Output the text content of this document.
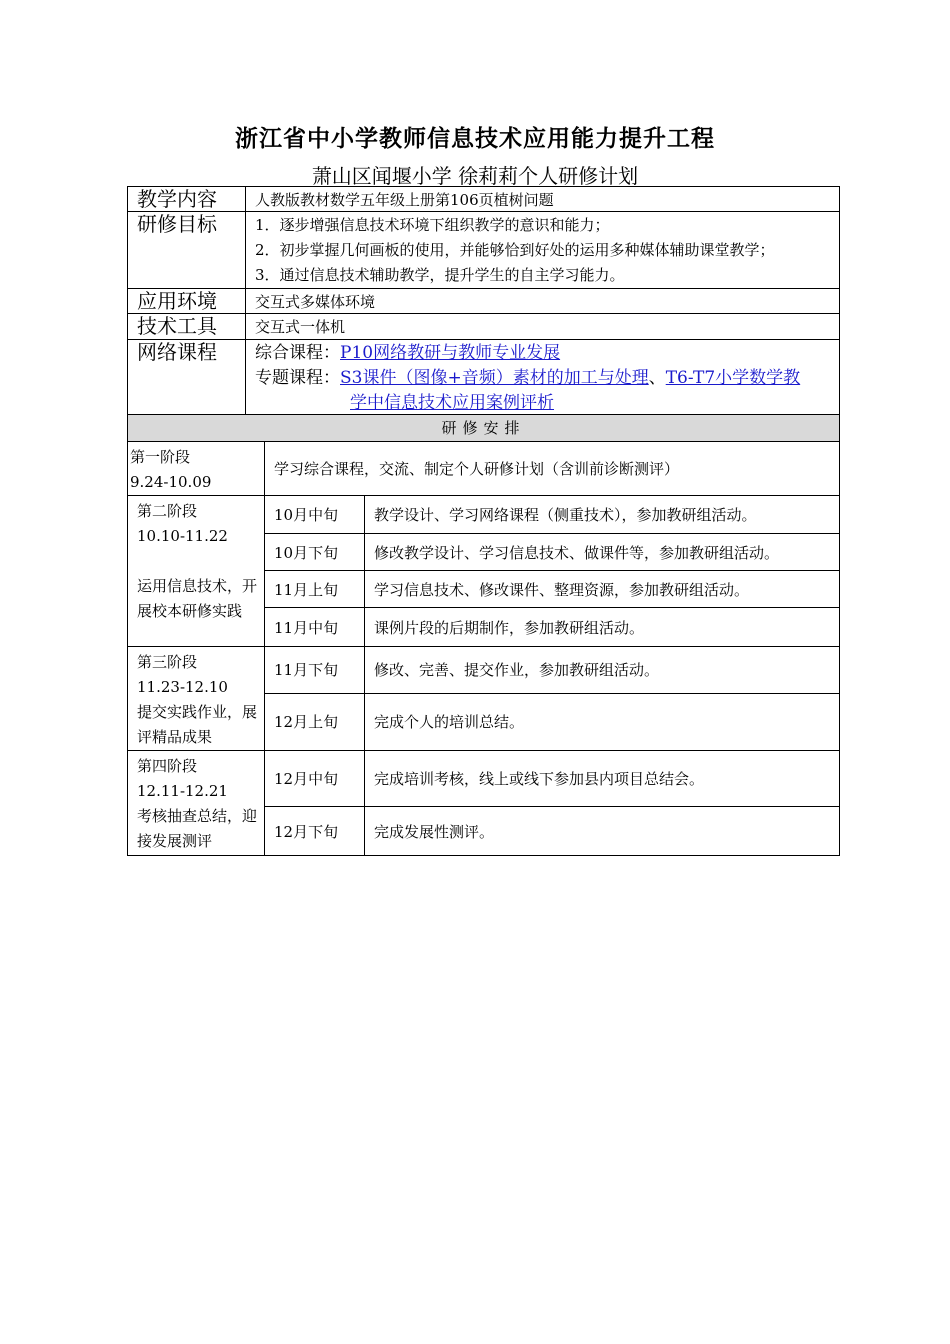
浙江省中小学教师信息技术应用能力提升工程
萧山区闻堰小学 徐莉莉个人研修计划
教学内容	人教版教材数学五年级上册第106页植树问题
研修目标	1．逐步增强信息技术环境下组织教学的意识和能力；
2．初步掌握几何画板的使用，并能够恰到好处的运用多种媒体辅助课堂教学；
3．通过信息技术辅助教学，提升学生的自主学习能力。

应用环境	交互式多媒体环境
技术工具	交互式一体机
网络课程	综合课程：P10网络教研与教师专业发展
专题课程：S3课件（图像+音频）素材的加工与处理、T6-T7小学数学教
学中信息技术应用案例评析
研修安排		

第一阶段
9.24-10.09	学习综合课程，交流、制定个人研修计划（含训前诊断测评）	

第二阶段
10.10-11.22
运用信息技术，开展校本研修实践	10月中旬	教学设计、学习网络课程（侧重技术），参加教研组活动。
	10月下旬	修改教学设计、学习信息技术、做课件等，参加教研组活动。
	11月上旬	学习信息技术、修改课件、整理资源，参加教研组活动。
	11月中旬	课例片段的后期制作，参加教研组活动。

第三阶段
11.23-12.10
提交实践作业，展评精品成果	11月下旬	修改、完善、提交作业，参加教研组活动。
	12月上旬	完成个人的培训总结。

第四阶段
12.11-12.21
考核抽查总结，迎接发展测评	12月中旬	完成培训考核，线上或线下参加县内项目总结会。
	12月下旬	完成发展性测评。
